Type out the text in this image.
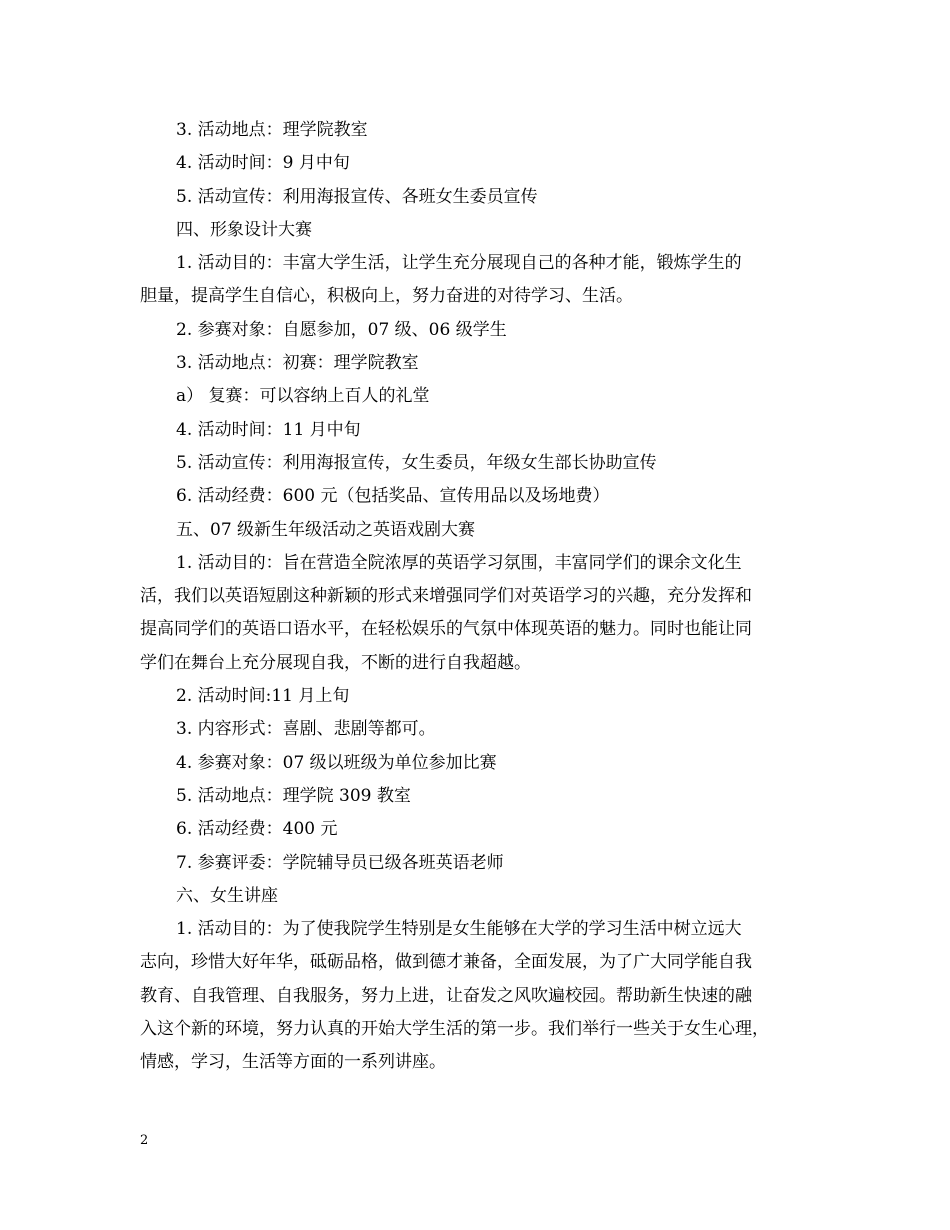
3. 活动地点：理学院教室
4. 活动时间：9 月中旬
5. 活动宣传：利用海报宣传、各班女生委员宣传
四、形象设计大赛
1. 活动目的：丰富大学生活，让学生充分展现自己的各种才能，锻炼学生的
胆量，提高学生自信心，积极向上，努力奋进的对待学习、生活。
2. 参赛对象：自愿参加，07 级、06 级学生
3. 活动地点：初赛：理学院教室
a） 复赛：可以容纳上百人的礼堂
4. 活动时间：11 月中旬
5. 活动宣传：利用海报宣传，女生委员，年级女生部长协助宣传
6. 活动经费：600 元（包括奖品、宣传用品以及场地费）
五、07 级新生年级活动之英语戏剧大赛
1. 活动目的：旨在营造全院浓厚的英语学习氛围，丰富同学们的课余文化生
活，我们以英语短剧这种新颖的形式来增强同学们对英语学习的兴趣，充分发挥和
提高同学们的英语口语水平，在轻松娱乐的气氛中体现英语的魅力。同时也能让同
学们在舞台上充分展现自我，不断的进行自我超越。
2. 活动时间:11 月上旬
3. 内容形式：喜剧、悲剧等都可。
4. 参赛对象：07 级以班级为单位参加比赛
5. 活动地点：理学院 309 教室
6. 活动经费：400 元
7. 参赛评委：学院辅导员已级各班英语老师
六、女生讲座
1. 活动目的：为了使我院学生特别是女生能够在大学的学习生活中树立远大
志向，珍惜大好年华，砥砺品格，做到德才兼备，全面发展，为了广大同学能自我
教育、自我管理、自我服务，努力上进，让奋发之风吹遍校园。帮助新生快速的融
入这个新的环境，努力认真的开始大学生活的第一步。我们举行一些关于女生心理，
情感，学习，生活等方面的一系列讲座。
2
